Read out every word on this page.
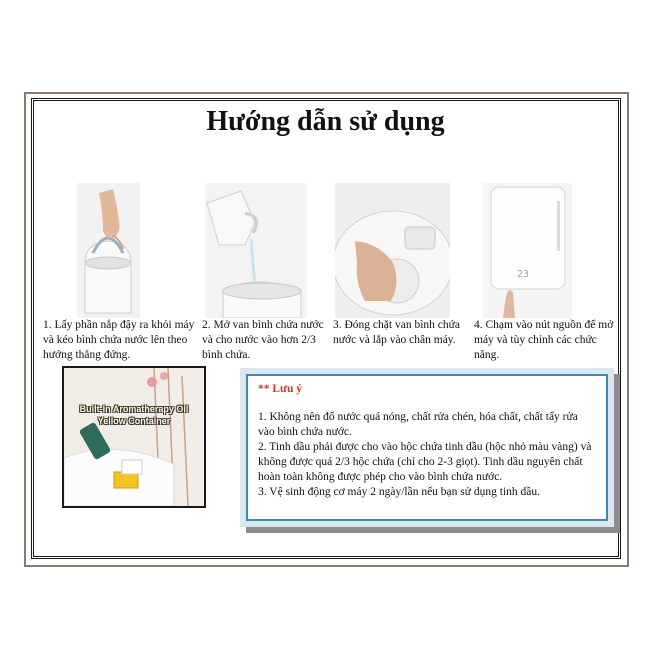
Hướng dẫn sử dụng
23
1. Lấy phần nắp đậy ra khỏi máy và kéo bình chứa nước lên theo hướng thẳng đứng.
2. Mở van bình chứa nước và cho nước vào hơn 2/3 bình chứa.
3. Đóng chặt van bình chứa nước và lắp vào chân máy.
4. Chạm vào nút nguồn để mở máy và tùy chỉnh các chức năng.
Built-In Aromatherapy Oil
Yellow Container

** Lưu ý

1. Không nên đổ nước quá nóng, chất rửa chén, hóa chất, chất tẩy rửa vào bình chứa nước.

2. Tinh dầu phải được cho vào hộc chứa tinh dầu (hộc nhỏ màu vàng) và không được quá 2/3 hộc chứa (chỉ cho 2-3 giọt). Tinh dầu nguyên chất hoàn toàn không được phép cho vào bình chứa nước.

3. Vệ sinh động cơ máy 2 ngày/lần nếu bạn sử dụng tinh dầu.
